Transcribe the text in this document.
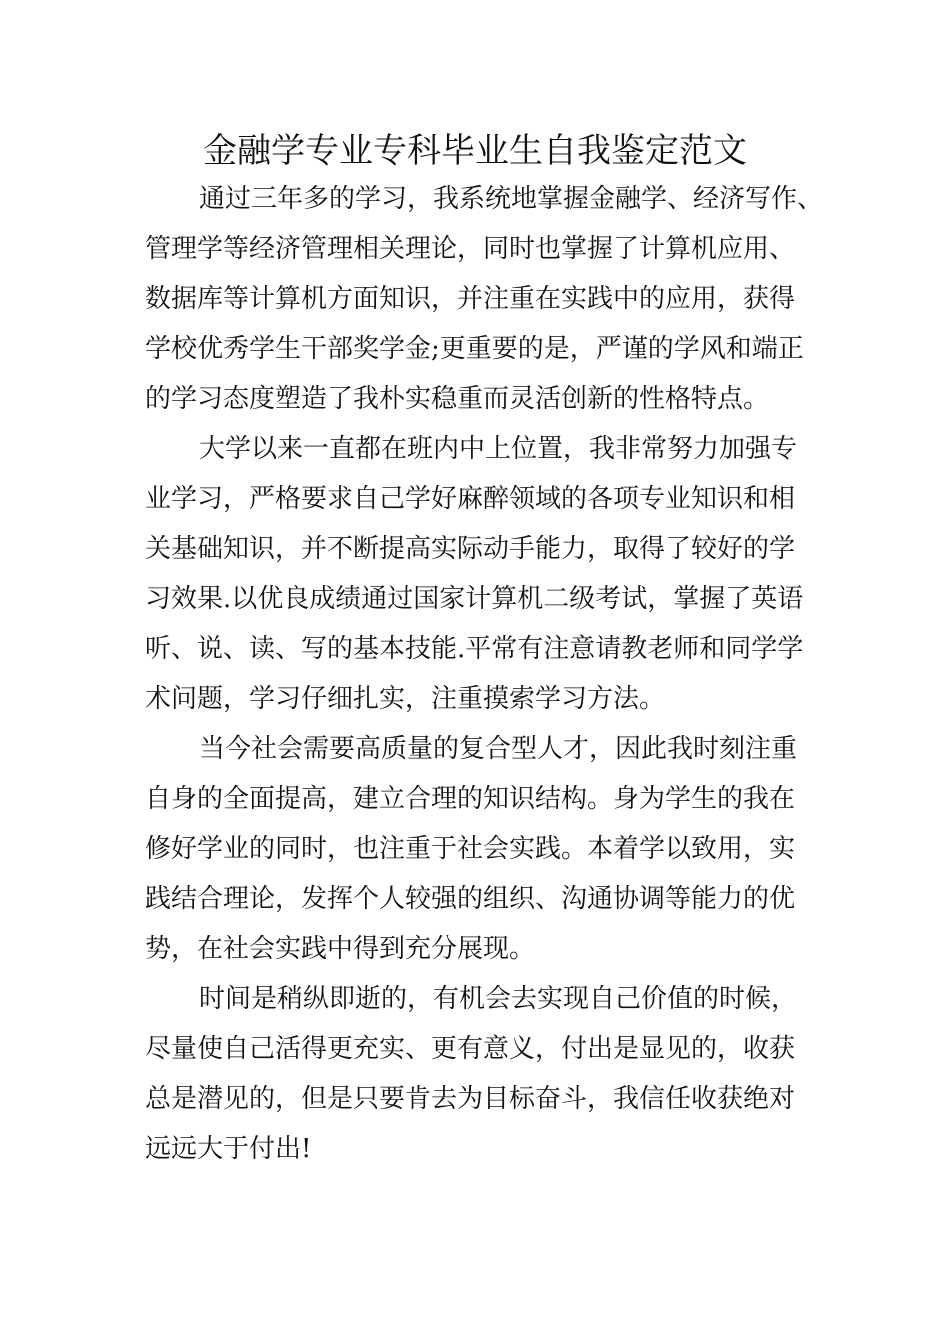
金融学专业专科毕业生自我鉴定范文
通过三年多的学习，我系统地掌握金融学、经济写作、
管理学等经济管理相关理论，同时也掌握了计算机应用、
数据库等计算机方面知识，并注重在实践中的应用，获得
学校优秀学生干部奖学金;更重要的是，严谨的学风和端正
的学习态度塑造了我朴实稳重而灵活创新的性格特点。
大学以来一直都在班内中上位置，我非常努力加强专
业学习，严格要求自己学好麻醉领域的各项专业知识和相
关基础知识，并不断提高实际动手能力，取得了较好的学
习效果.以优良成绩通过国家计算机二级考试，掌握了英语
听、说、读、写的基本技能.平常有注意请教老师和同学学
术问题，学习仔细扎实，注重摸索学习方法。
当今社会需要高质量的复合型人才，因此我时刻注重
自身的全面提高，建立合理的知识结构。身为学生的我在
修好学业的同时，也注重于社会实践。本着学以致用，实
践结合理论，发挥个人较强的组织、沟通协调等能力的优
势，在社会实践中得到充分展现。
时间是稍纵即逝的，有机会去实现自己价值的时候，
尽量使自己活得更充实、更有意义，付出是显见的，收获
总是潜见的，但是只要肯去为目标奋斗，我信任收获绝对
远远大于付出!
